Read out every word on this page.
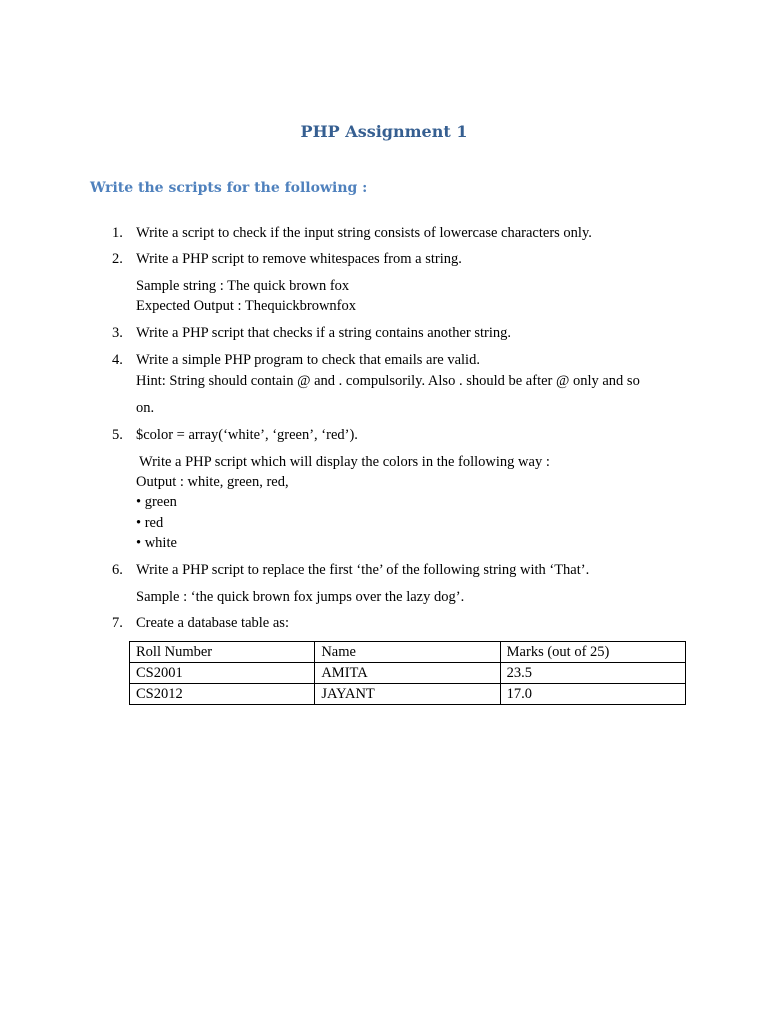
PHP Assignment 1
Write the scripts for the following :
1. Write a script to check if the input string consists of lowercase characters only.
2. Write a PHP script to remove whitespaces from a string.
Sample string : The quick brown fox
Expected Output : Thequickbrownfox
3. Write a PHP script that checks if a string contains another string.
4. Write a simple PHP program to check that emails are valid.
Hint: String should contain @ and . compulsorily. Also . should be after @ only and so
on.
5. $color = array(‘white’, ‘green’, ‘red’).
Write a PHP script which will display the colors in the following way :
Output : white, green, red,
• green
• red
• white
6. Write a PHP script to replace the first ‘the’ of the following string with ‘That’.
Sample : ‘the quick brown fox jumps over the lazy dog’.
7. Create a database table as:
Roll Number	Name	Marks (out of 25)
CS2001	AMITA	23.5
CS2012	JAYANT	17.0
